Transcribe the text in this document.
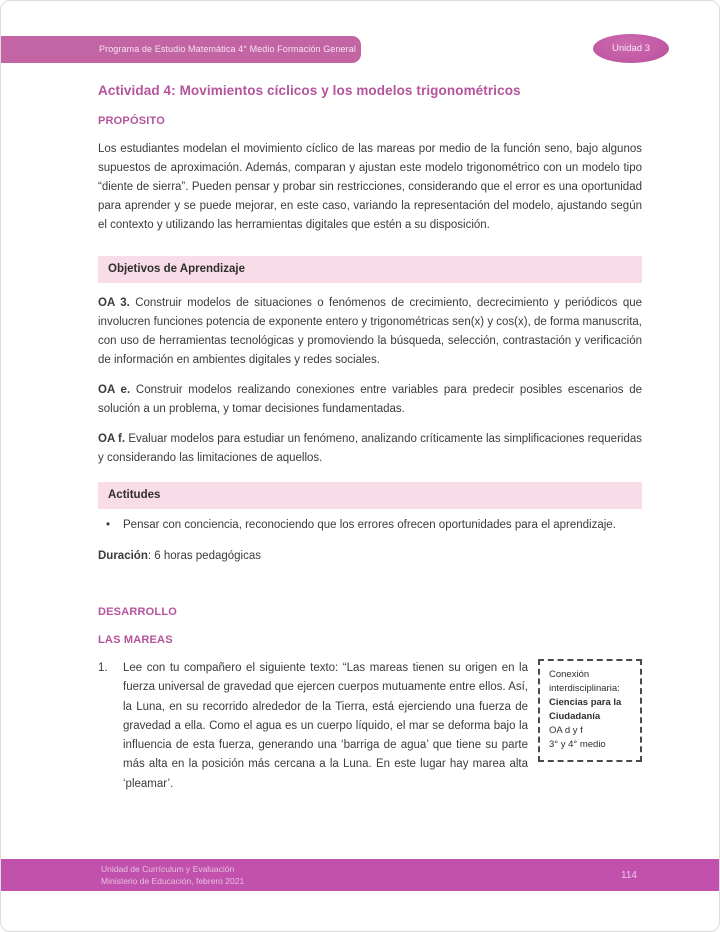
Programa de Estudio Matemática 4° Medio Formación General	Unidad 3
Actividad 4: Movimientos cíclicos y los modelos trigonométricos
PROPÓSITO

Los estudiantes modelan el movimiento cíclico de las mareas por medio de la función seno, bajo algunos supuestos de aproximación. Además, comparan y ajustan este modelo trigonométrico con un modelo tipo “diente de sierra”. Pueden pensar y probar sin restricciones, considerando que el error es una oportunidad para aprender y se puede mejorar, en este caso, variando la representación del modelo, ajustando según el contexto y utilizando las herramientas digitales que estén a su disposición.

Objetivos de Aprendizaje

OA 3. Construir modelos de situaciones o fenómenos de crecimiento, decrecimiento y periódicos que involucren funciones potencia de exponente entero y trigonométricas sen(x) y cos(x), de forma manuscrita, con uso de herramientas tecnológicas y promoviendo la búsqueda, selección, contrastación y verificación de información en ambientes digitales y redes sociales.

OA e. Construir modelos realizando conexiones entre variables para predecir posibles escenarios de solución a un problema, y tomar decisiones fundamentadas.

OA f. Evaluar modelos para estudiar un fenómeno, analizando críticamente las simplificaciones requeridas y considerando las limitaciones de aquellos.

Actitudes
•	Pensar con conciencia, reconociendo que los errores ofrecen oportunidades para el aprendizaje.

Duración: 6 horas pedagógicas

DESARROLLO
LAS MAREAS
1.	Lee con tu compañero el siguiente texto: “Las mareas tienen su origen en la fuerza universal de gravedad que ejercen cuerpos mutuamente entre ellos. Así, la Luna, en su recorrido alrededor de la Tierra, está ejerciendo una fuerza de gravedad a ella. Como el agua es un cuerpo líquido, el mar se deforma bajo la influencia de esta fuerza, generando una ‘barriga de agua’ que tiene su parte más alta en la posición más cercana a la Luna. En este lugar hay marea alta ‘pleamar’.
Conexión interdisciplinaria:
Ciencias para la Ciudadanía
OA d y f
3° y 4° medio
Unidad de Currículum y Evaluación
Ministerio de Educación, febrero 2021
114
